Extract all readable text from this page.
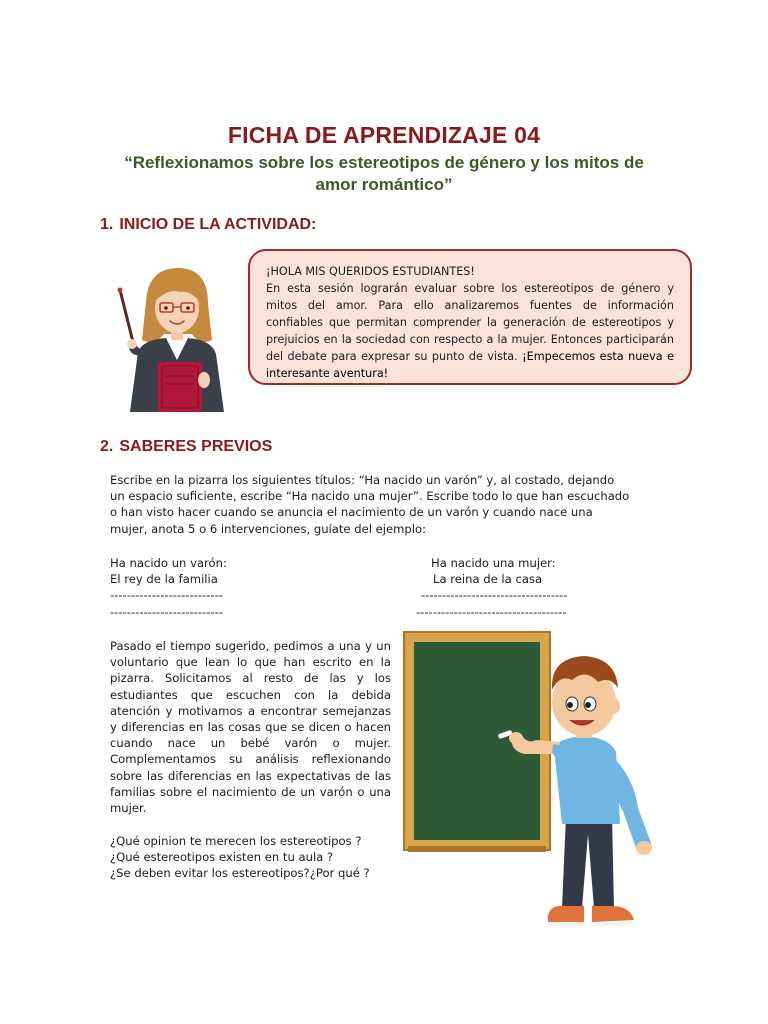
FICHA DE APRENDIZAJE 04
“Reflexionamos sobre los estereotipos de género y los mitos de
amor romántico”
1. INICIO DE LA ACTIVIDAD:
¡HOLA MIS QUERIDOS ESTUDIANTES!
En esta sesión lograrán evaluar sobre los estereotipos de género y mitos del amor. Para ello analizaremos fuentes de información confiables que permitan comprender la generación de estereotipos y prejuicios en la sociedad con respecto a la mujer. Entonces participarán del debate para expresar su punto de vista. ¡Empecemos esta nueva e interesante aventura!
2. SABERES PREVIOS
Escribe en la pizarra los siguientes títulos: “Ha nacido un varón” y, al costado, dejando un espacio suficiente, escribe “Ha nacido una mujer”. Escribe todo lo que han escuchado o han visto hacer cuando se anuncia el nacimiento de un varón y cuando nace una mujer, anota 5 o 6 intervenciones, guíate del ejemplo:
Ha nacido un varón:
El rey de la familia
---------------------------
---------------------------
Ha nacido una mujer:
La reina de la casa
-----------------------------------
------------------------------------
Pasado el tiempo sugerido, pedimos a una y un voluntario que lean lo que han escrito en la pizarra. Solicitamos al resto de las y los estudiantes que escuchen con la debida atención y motivamos a encontrar semejanzas y diferencias en las cosas que se dicen o hacen cuando nace un bebé varón o mujer. Complementamos su análisis reflexionando sobre las diferencias en las expectativas de las familias sobre el nacimiento de un varón o una mujer.
¿Qué opinion te merecen los estereotipos ?
¿Qué estereotipos existen en tu aula ?
¿Se deben evitar los estereotipos?¿Por qué ?
